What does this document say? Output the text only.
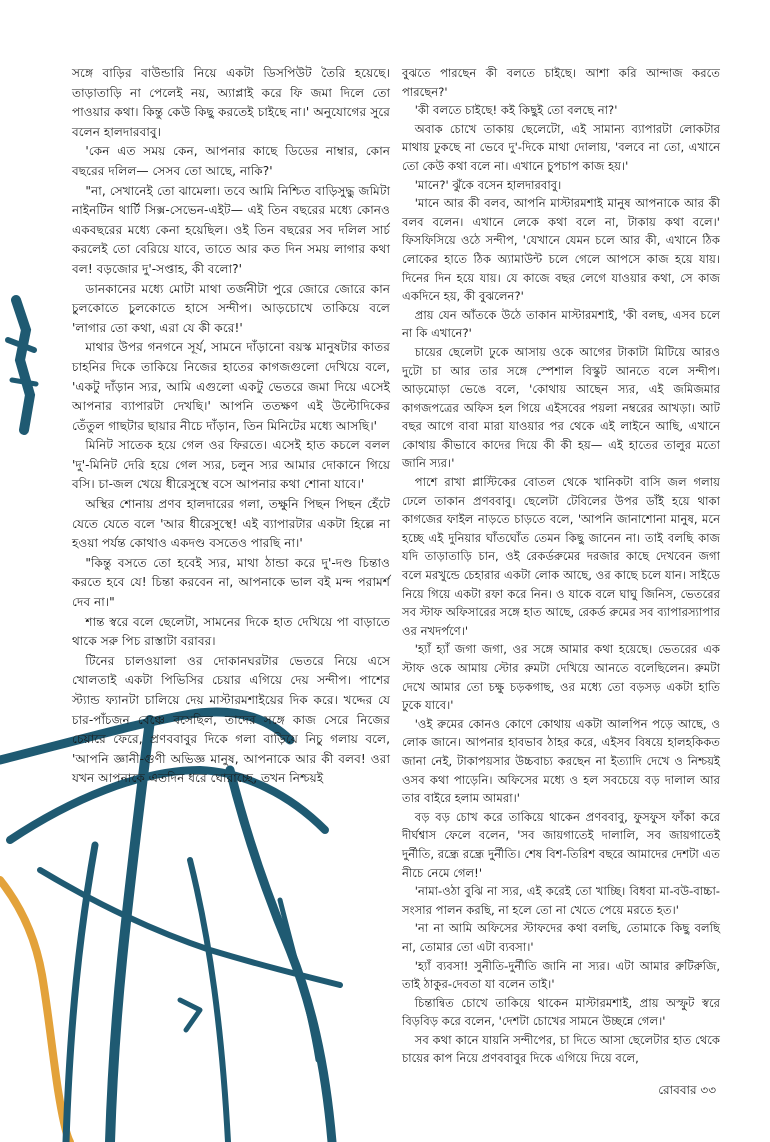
সঙ্গে বাড়ির বাউন্ডারি নিয়ে একটা ডিসপিউট তৈরি হয়েছে। তাড়াতাড়ি না পেলেই নয়, অ্যাপ্লাই করে ফি জমা দিলে তো পাওয়ার কথা। কিন্তু কেউ কিছু করতেই চাইছে না।' অনুযোগের সুরে বলেন হালদারবাবু।

'কেন এত সময় কেন, আপনার কাছে ডিডের নাম্বার, কোন বছরের দলিল— সেসব তো আছে, নাকি?'

"না, সেখানেই তো ঝামেলা। তবে আমি নিশ্চিত বাড়িসুদ্ধু জমিটা নাইনটিন থার্টি সিক্স-সেভেন-এইট— এই তিন বছরের মধ্যে কোনও একবছরের মধ্যে কেনা হয়েছিল। ওই তিন বছরের সব দলিল সার্চ করলেই তো বেরিয়ে যাবে, তাতে আর কত দিন সময় লাগার কথা বল! বড়জোর দু'-সপ্তাহ, কী বলো?'

ডানকানের মধ্যে মোটা মাথা তর্জনীটা পুরে জোরে জোরে কান চুলকোতে চুলকোতে হাসে সন্দীপ। আড়চোখে তাকিয়ে বলে 'লাগার তো কথা, এরা যে কী করে!'

মাথার উপর গনগনে সূর্য, সামনে দাঁড়ানো বয়স্ক মানুষটার কাতর চাহনির দিকে তাকিয়ে নিজের হাতের কাগজগুলো দেখিয়ে বলে, 'একটু দাঁড়ান স্যর, আমি এগুলো একটু ভেতরে জমা দিয়ে এসেই আপনার ব্যাপারটা দেখছি।' আপনি ততক্ষণ এই উল্টোদিকের তেঁতুল গাছটার ছায়ার নীচে দাঁড়ান, তিন মিনিটের মধ্যে আসছি।'

মিনিট সাতেক হয়ে গেল ওর ফিরতে। এসেই হাত কচলে বলল 'দু'-মিনিট দেরি হয়ে গেল স্যর, চলুন স্যর আমার দোকানে গিয়ে বসি। চা-জল খেয়ে ধীরেসুস্থে বসে আপনার কথা শোনা যাবে।'

অস্থির শোনায় প্রণব হালদারের গলা, তক্ষুনি পিছন পিছন হেঁটে যেতে যেতে বলে 'আর ধীরেসুস্থে! এই ব্যাপারটার একটা হিল্লে না হওয়া পর্যন্ত কোথাও একদণ্ড বসতেও পারছি না।'

"কিন্তু বসতে তো হবেই স্যর, মাথা ঠান্ডা করে দু'-দণ্ড চিন্তাও করতে হবে যে! চিন্তা করবেন না, আপনাকে ভাল বই মন্দ পরামর্শ দেব না।"

শান্ত স্বরে বলে ছেলেটা, সামনের দিকে হাত দেখিয়ে পা বাড়াতে থাকে সরু পিচ রাস্তাটা বরাবর।

টিনের চালওয়ালা ওর দোকানঘরটার ভেতরে নিয়ে এসে খোলতাই একটা পিভিসির চেয়ার এগিয়ে দেয় সন্দীপ। পাশের স্ট্যান্ড ফ্যানটা চালিয়ে দেয় মাস্টারমশাইয়ের দিক করে। খদ্দের যে চার-পাঁচজন বেঞ্চে বসেছিল, তাদের সঙ্গে কাজ সেরে নিজের চেয়ারে ফেরে, প্রণববাবুর দিকে গলা বাড়িয়ে নিচু গলায় বলে, 'আপনি জ্ঞানী-গুণী অভিজ্ঞ মানুষ, আপনাকে আর কী বলব! ওরা যখন আপনাকে এতদিন ধরে ঘোরাচ্ছে, তখন নিশ্চয়ই

বুঝতে পারছেন কী বলতে চাইছে। আশা করি আন্দাজ করতে পারছেন?'

'কী বলতে চাইছে! কই কিছুই তো বলছে না?'

অবাক চোখে তাকায় ছেলেটো, এই সামান্য ব্যাপারটা লোকটার মাথায় ঢুকছে না ভেবে দু'-দিকে মাথা দোলায়, 'বলবে না তো, এখানে তো কেউ কথা বলে না। এখানে চুপচাপ কাজ হয়।'

'মানে?' ঝুঁকে বসেন হালদারবাবু।

'মানে আর কী বলব, আপনি মাস্টারমশাই মানুষ আপনাকে আর কী বলব বলেন। এখানে লেকে কথা বলে না, টাকায় কথা বলে।' ফিসফিসিয়ে ওঠে সন্দীপ, 'যেখানে যেমন চলে আর কী, এখানে ঠিক লোকের হাতে ঠিক অ্যামাউন্ট চলে গেলে আপসে কাজ হয়ে যায়। দিনের দিন হয়ে যায়। যে কাজে বছর লেগে যাওয়ার কথা, সে কাজ একদিনে হয়, কী বুঝলেন?'

প্রায় যেন আঁতকে উঠে তাকান মাস্টারমশাই, 'কী বলছ, এসব চলে না কি এখানে?'

চায়ের ছেলেটা ঢুকে আসায় ওকে আগের টাকাটা মিটিয়ে আরও দুটো চা আর তার সঙ্গে স্পেশাল বিস্কুট আনতে বলে সন্দীপ। আড়মোড়া ভেঙে বলে, 'কোথায় আছেন স্যর, এই জমিজমার কাগজপত্রের অফিস হল গিয়ে এইসবের পয়লা নম্বরের আখড়া। আট বছর আগে বাবা মারা যাওয়ার পর থেকে এই লাইনে আছি, এখানে কোথায় কীভাবে কাদের দিয়ে কী কী হয়— এই হাতের তালুর মতো জানি স্যর।'

পাশে রাখা প্লাস্টিকের বোতল থেকে খানিকটা বাসি জল গলায় ঢেলে তাকান প্রণববাবু। ছেলেটা টেবিলের উপর ডাঁই হয়ে থাকা কাগজের ফাইল নাড়তে চাড়তে বলে, 'আপনি জানাশোনা মানুষ, মনে হচ্ছে এই দুনিয়ার ঘাঁতঘোঁত তেমন কিছু জানেন না। তাই বলছি কাজ যদি তাড়াতাড়ি চান, ওই রেকর্ডরুমের দরজার কাছে দেখবেন জগা বলে মরখুন্ডে চেহারার একটা লোক আছে, ওর কাছে চলে যান। সাইডে নিয়ে গিয়ে একটা রফা করে নিন। ও যাকে বলে ঘাঘু জিনিস, ভেতরের সব স্টাফ অফিসারের সঙ্গে হাত আছে, রেকর্ড রুমের সব ব্যাপারস্যাপার ওর নখদর্পণে।'

'হ্যাঁ হ্যাঁ জগা জগা, ওর সঙ্গে আমার কথা হয়েছে। ভেতরের এক স্টাফ ওকে আমায় স্টোর রুমটা দেখিয়ে আনতে বলেছিলেন। রুমটা দেখে আমার তো চক্ষু চড়কগাছ, ওর মধ্যে তো বড়সড় একটা হাতি ঢুকে যাবে।'

'ওই রুমের কোনও কোণে কোথায় একটা আলপিন পড়ে আছে, ও লোক জানে। আপনার হাবভাব ঠাহর করে, এইসব বিষয়ে হালহকিকত জানা নেই, টাকাপয়সার উচ্চবাচ্য করছেন না ইত্যাদি দেখে ও নিশ্চয়ই ওসব কথা পাড়েনি। অফিসের মধ্যে ও হল সবচেয়ে বড় দালাল আর তার বাইরে হলাম আমরা।'

বড় বড় চোখ করে তাকিয়ে থাকেন প্রণববাবু, ফুসফুস ফাঁকা করে দীর্ঘশ্বাস ফেলে বলেন, 'সব জায়গাতেই দালালি, সব জায়গাতেই দুর্নীতি, রন্ধ্রে রন্ধ্রে দুর্নীতি। শেষ বিশ-তিরিশ বছরে আমাদের দেশটা এত নীচে নেমে গেল!'

'নামা-ওঠা বুঝি না স্যর, এই করেই তো খাচ্ছি। বিধবা মা-বউ-বাচ্চা-সংসার পালন করছি, না হলে তো না খেতে পেয়ে মরতে হত।'

'না না আমি অফিসের স্টাফদের কথা বলছি, তোমাকে কিছু বলছি না, তোমার তো এটা ব্যবসা।'

'হ্যাঁ ব্যবসা! সুনীতি-দুর্নীতি জানি না স্যর। এটা আমার রুটিরুজি, তাই ঠাকুর-দেবতা যা বলেন তাই।'

চিন্তান্বিত চোখে তাকিয়ে থাকেন মাস্টারমশাই, প্রায় অস্ফুট স্বরে বিড়বিড় করে বলেন, 'দেশটা চোখের সামনে উচ্ছন্নে গেল।'

সব কথা কানে যায়নি সন্দীপের, চা দিতে আসা ছেলেটার হাত থেকে চায়ের কাপ নিয়ে প্রণববাবুর দিকে এগিয়ে দিয়ে বলে,

রোববার ৩৩
